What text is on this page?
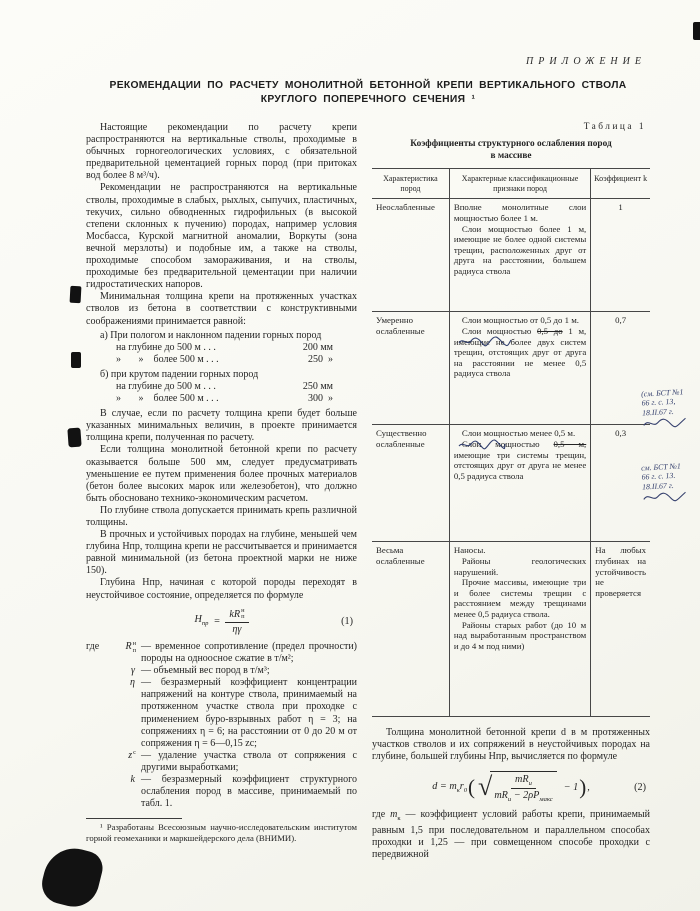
ПРИЛОЖЕНИЕ
РЕКОМЕНДАЦИИ ПО РАСЧЕТУ МОНОЛИТНОЙ БЕТОННОЙ КРЕПИ ВЕРТИКАЛЬНОГО СТВОЛА
КРУГЛОГО ПОПЕРЕЧНОГО СЕЧЕНИЯ ¹

Настоящие рекомендации по расчету крепи распространяются на вертикальные стволы, проходимые в обычных горногеологических условиях, с обязательной предварительной цементацией горных пород (при притоках вод более 8 м³/ч).

Рекомендации не распространяются на вертикальные стволы, проходимые в слабых, рыхлых, сыпучих, пластичных, текучих, сильно обводненных гидрофильных (в высокой степени склонных к пучению) породах, например условия Мосбасса, Курской магнитной аномалии, Воркуты (зона вечной мерзлоты) и подобные им, а также на стволы, проходимые способом замораживания, и на стволы, проходимые без предварительной цементации при наличии гидростатических напоров.

Минимальная толщина крепи на протяженных участках стволов из бетона в соответствии с конструктивными соображениями принимается равной:

а) При пологом и наклонном падении горных пород
на глубине до 500 м . . .	200 мм
»       »    более 500 м . . .	250  »
б) при крутом падении горных пород
на глубине до 500 м . . .	250 мм
»       »    более 500 м . . .	300  »

В случае, если по расчету толщина крепи будет больше указанных минимальных величин, в проекте принимается толщина крепи, полученная по расчету.

Если толщина монолитной бетонной крепи по расчету оказывается больше 500 мм, следует предусматривать уменьшение ее путем применения более прочных материалов (бетон более высоких марок или железобетон), что должно быть обосновано технико-экономическим расчетом.

По глубине ствола допускается принимать крепь различной толщины.

В прочных и устойчивых породах на глубине, меньшей чем глубина Нпр, толщина крепи не рассчитывается и принимается равной минимальной (из бетона проектной марки не ниже 150).

Глубина Нпр, начиная с которой породы переходят в неустойчивое состояние, определяется по формуле

$Н_{пр}$ = kR н
п
ηγ	(1)
где	R н
п — временное сопротивление (предел прочности) породы на одноосное сжатие в т/м²;
γ — объемный вес пород в т/м³;
η — безразмерный коэффициент концентрации напряжений на контуре ствола, принимаемый на протяженном участке ствола при проходке с применением буро-взрывных работ η = 3; на сопряжениях η = 6; на расстоянии от 0 до 20 м от сопряжения η = 6—0,15 zс;
z с — удаление участка ствола от сопряжения с другими выработками;
k — безразмерный коэффициент структурного ослабления пород в массиве, принимаемый по табл. 1.

¹ Разработаны Всесоюзным научно-исследовательским институтом горной геомеханики и маркшейдерского дела (ВНИМИ).

Таблица 1
Коэффициенты структурного ослабления пород
в массиве
Характеристика пород	Характерные классификационные признаки пород	Коэффициент k
Неослабленные	Вполне монолитные слои мощностью более 1 м.

Слои мощностью более 1 м, имеющие не более одной системы трещин, расположенных друг от друга на расстоянии, большем радиуса ствола	1
Умеренно ослабленные	Слои мощностью от 0,5 до 1 м.

Слои мощностью 0,5 до 1 м, имеющие не более двух систем трещин, отстоящих друг от друга на расстоянии не менее 0,5 радиуса ствола	0,7
Существенно ослабленные	Слои мощностью менее 0,5 м.

Слои мощностью 0,5 м, имеющие три системы трещин, отстоящих друг от друга не менее 0,5 радиуса ствола	0,3
Весьма ослабленные	Наносы.

Районы геологических нарушений.

Прочие массивы, имеющие три и более системы трещин с расстоянием между трещинами менее 0,5 радиуса ствола.

Районы старых работ (до 10 м над выработанным пространством и до 4 м под ними)	На любых глубинах на устойчивость не проверяется

Толщина монолитной бетонной крепи d в м протяженных участков стволов и их сопряжений в неустойчивых породах на глубине, большей глубины Нпр, вычисляется по формуле

$d = m_кr_0$ ( √ $\frac{mR_и}{mR_и - 2\rho P_{макс}} - 1$ ) ,	(2)

где $m_к$ — коэффициент условий работы крепи, принимаемый равным 1,5 при последовательном и параллельном способах проходки и 1,25 — при совмещенном способе проходки с передвижной

(см. БСТ №1
66 г. с. 13,
18.II.67 г.
см. БСТ №1
66 г. с. 13.
18.II.67 г.
